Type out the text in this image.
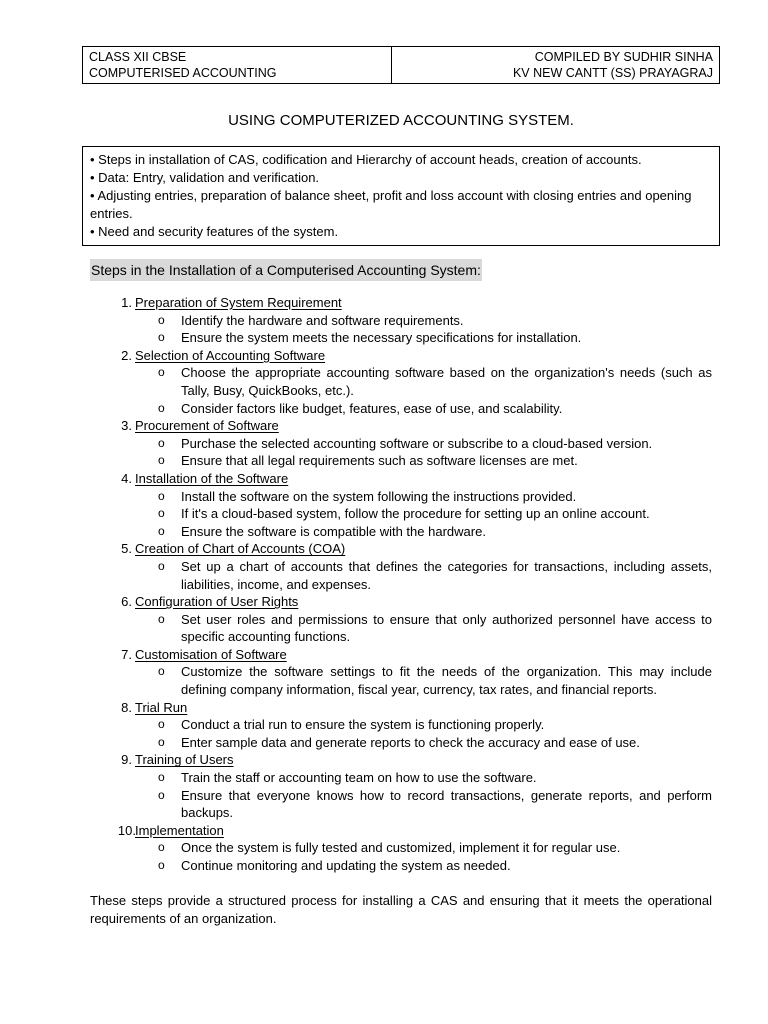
CLASS XII CBSE
COMPUTERISED ACCOUNTING

COMPILED BY SUDHIR SINHA
KV NEW CANTT (SS) PRAYAGRAJ
USING COMPUTERIZED ACCOUNTING SYSTEM.
• Steps in installation of CAS, codification and Hierarchy of account heads, creation of accounts.
• Data: Entry, validation and verification.
• Adjusting entries, preparation of balance sheet, profit and loss account with closing entries and opening entries.
• Need and security features of the system.
Steps in the Installation of a Computerised Accounting System:
1. Preparation of System Requirement
o Identify the hardware and software requirements.
o Ensure the system meets the necessary specifications for installation.
2. Selection of Accounting Software
o Choose the appropriate accounting software based on the organization's needs (such as Tally, Busy, QuickBooks, etc.).
o Consider factors like budget, features, ease of use, and scalability.
3. Procurement of Software
o Purchase the selected accounting software or subscribe to a cloud-based version.
o Ensure that all legal requirements such as software licenses are met.
4. Installation of the Software
o Install the software on the system following the instructions provided.
o If it's a cloud-based system, follow the procedure for setting up an online account.
o Ensure the software is compatible with the hardware.
5. Creation of Chart of Accounts (COA)
o Set up a chart of accounts that defines the categories for transactions, including assets, liabilities, income, and expenses.
6. Configuration of User Rights
o Set user roles and permissions to ensure that only authorized personnel have access to specific accounting functions.
7. Customisation of Software
o Customize the software settings to fit the needs of the organization. This may include defining company information, fiscal year, currency, tax rates, and financial reports.
8. Trial Run
o Conduct a trial run to ensure the system is functioning properly.
o Enter sample data and generate reports to check the accuracy and ease of use.
9. Training of Users
o Train the staff or accounting team on how to use the software.
o Ensure that everyone knows how to record transactions, generate reports, and perform backups.
10. Implementation
o Once the system is fully tested and customized, implement it for regular use.
o Continue monitoring and updating the system as needed.
These steps provide a structured process for installing a CAS and ensuring that it meets the operational requirements of an organization.
